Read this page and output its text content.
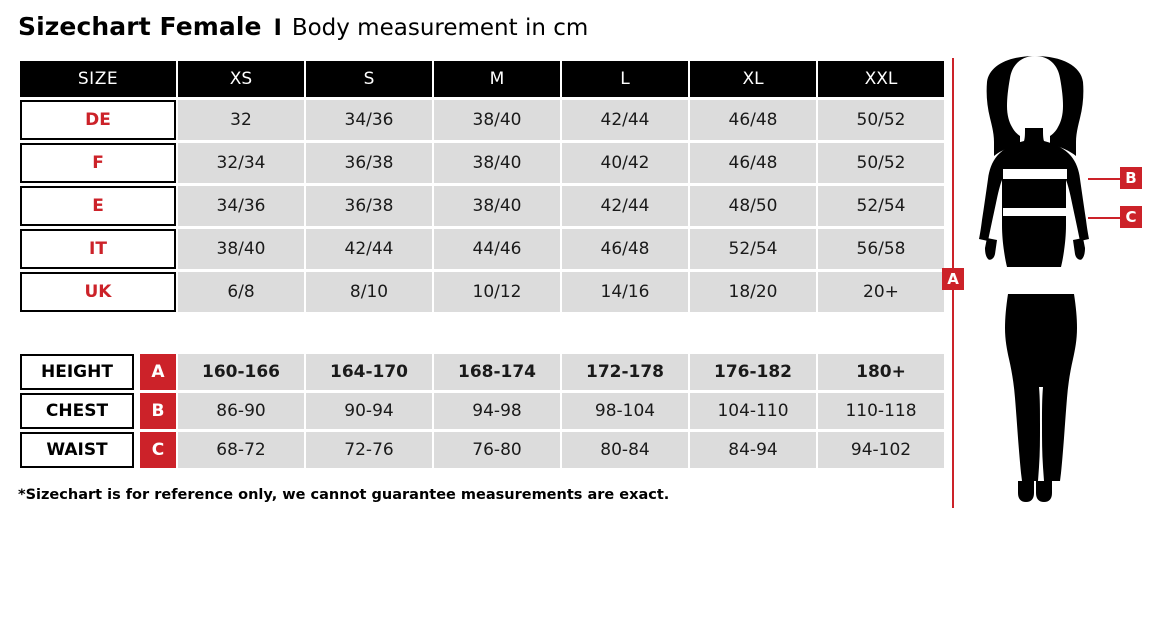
Sizechart Female I Body measurement in cm
SIZE	XS	S	M	L	XL	XXL
DE	32	34/36	38/40	42/44	46/48	50/52
F	32/34	36/38	38/40	40/42	46/48	50/52
E	34/36	36/38	38/40	42/44	48/50	52/54
IT	38/40	42/44	44/46	46/48	52/54	56/58
UK	6/8	8/10	10/12	14/16	18/20	20+

HEIGHT A	160-166	164-170	168-174	172-178	176-182	180+

CHEST B	86-90	90-94	94-98	98-104	104-110	110-118

WAIST C	68-72	72-76	76-80	80-84	84-94	94-102
*Sizechart is for reference only, we cannot guarantee measurements are exact.
A
B
C
